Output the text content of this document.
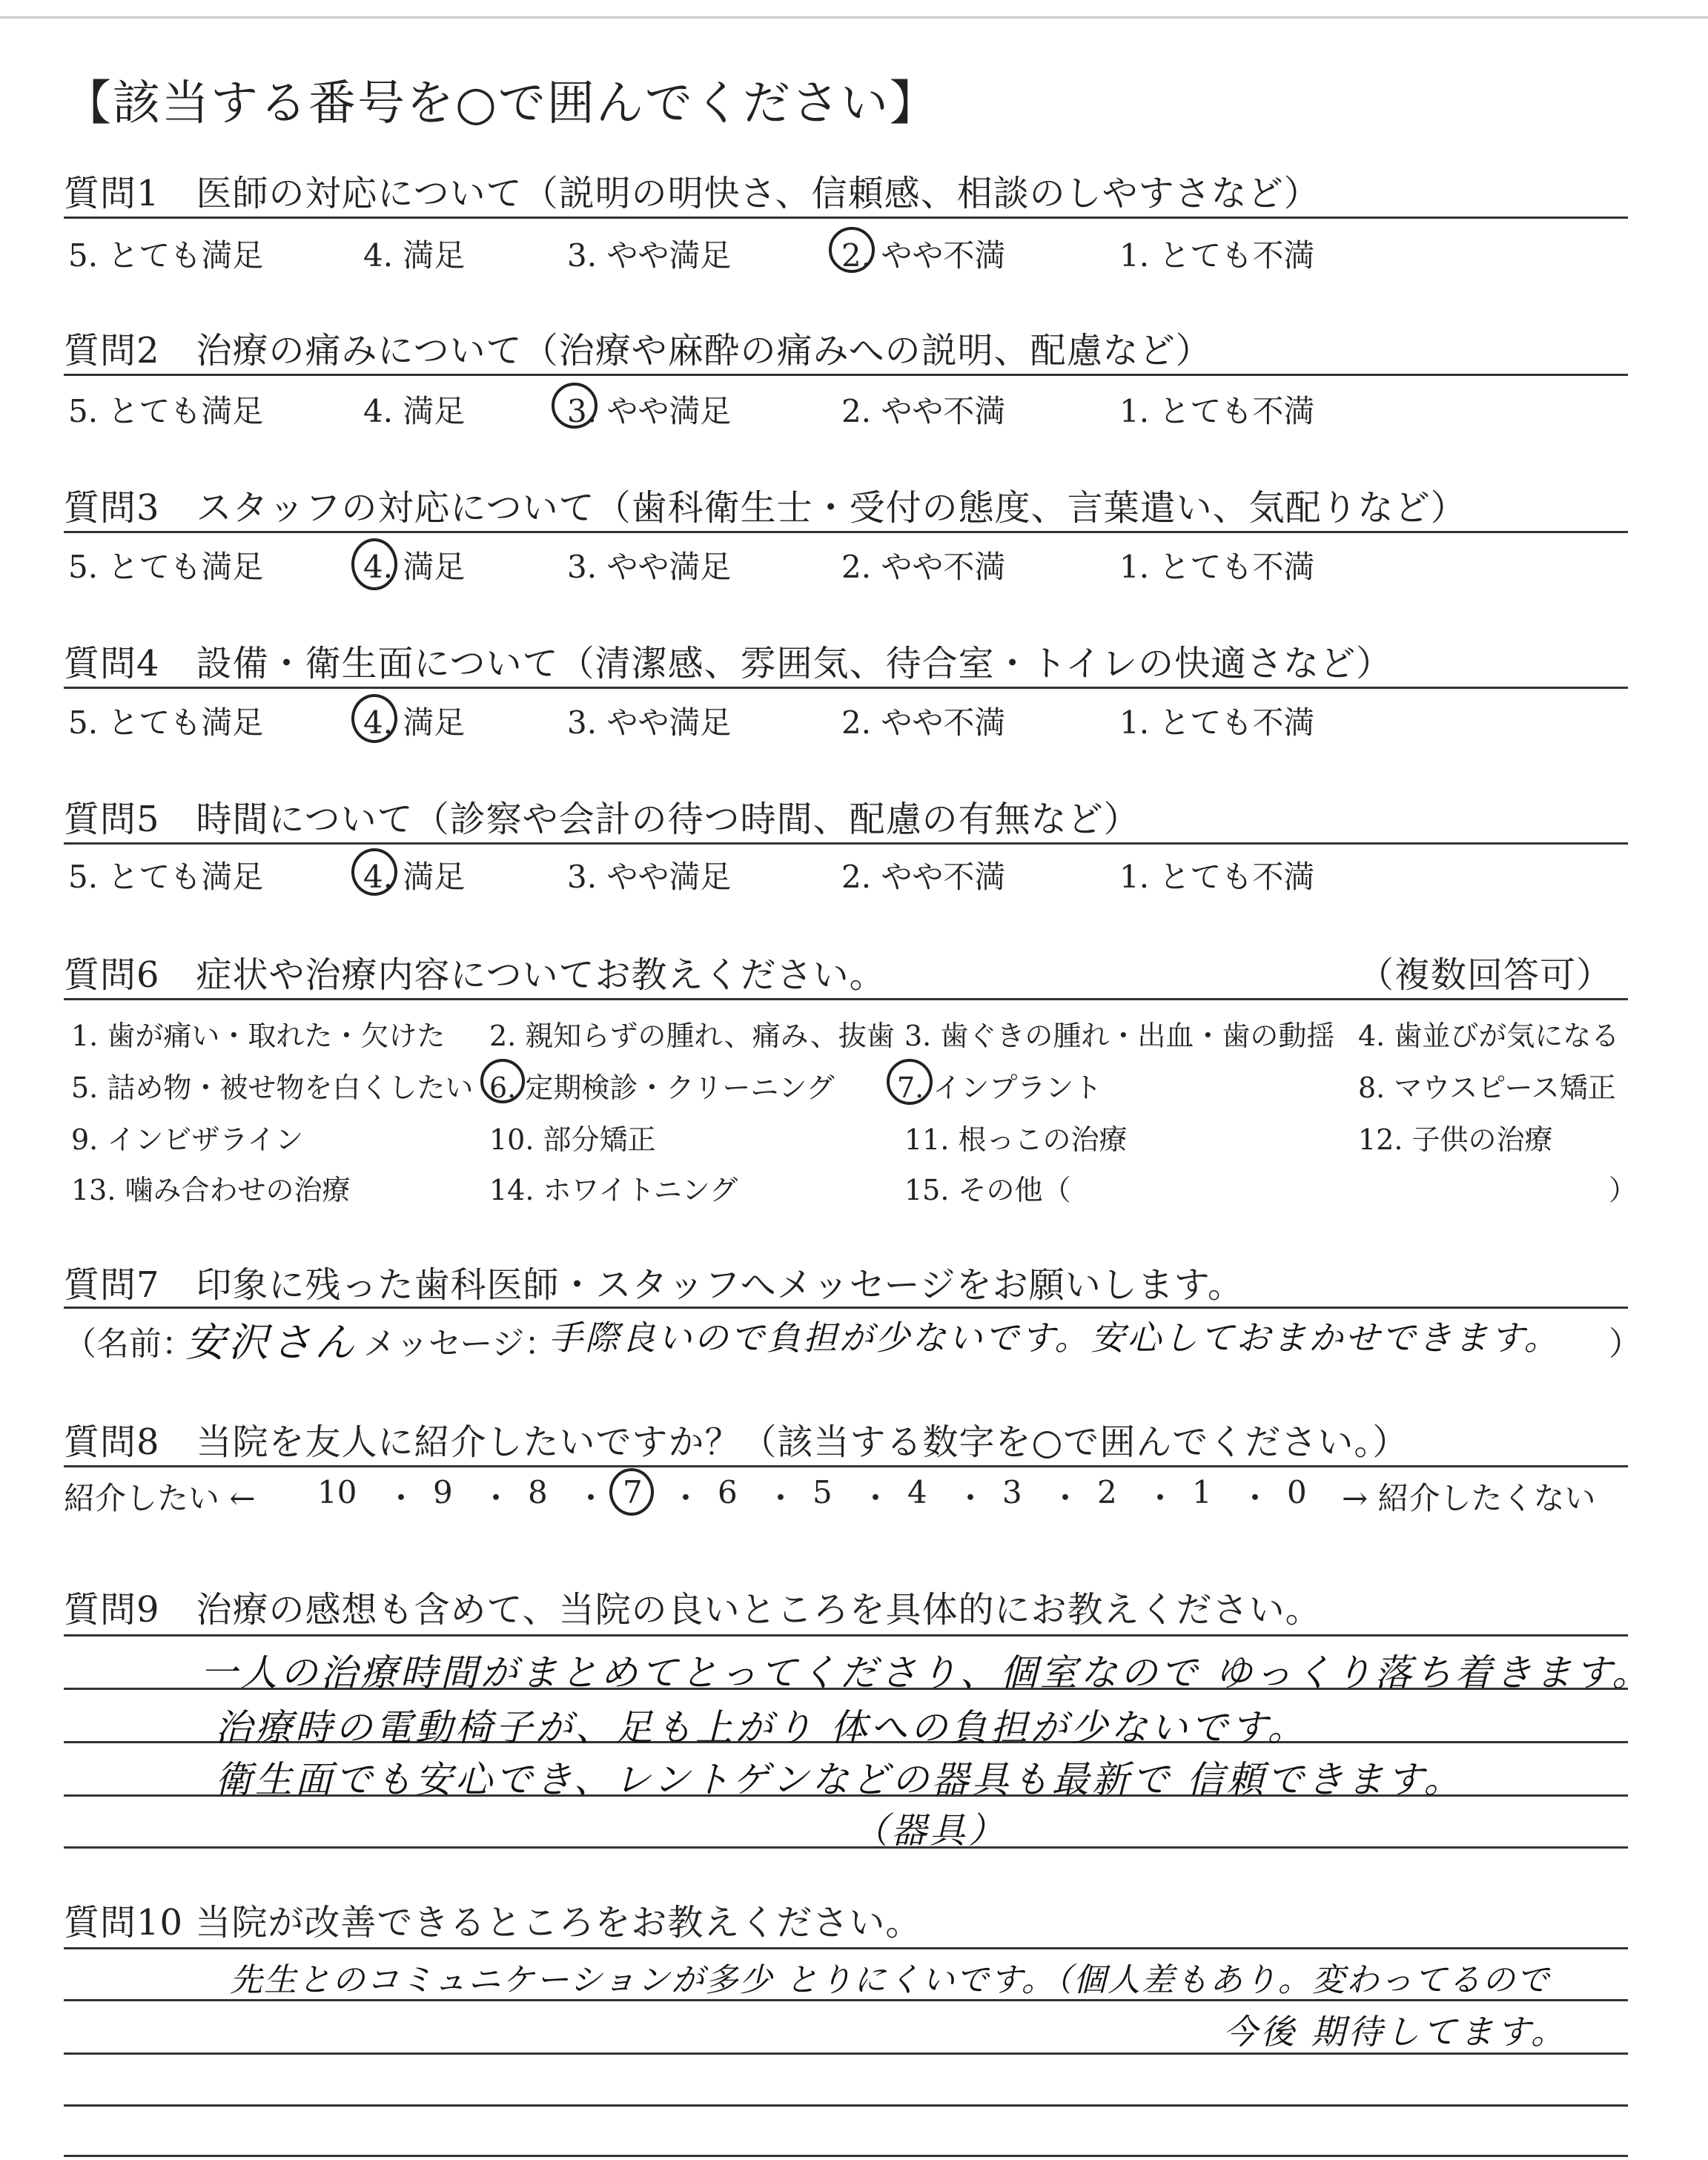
【該当する番号を○で囲んでください】
質問1　医師の対応について（説明の明快さ、信頼感、相談のしやすさなど）
5. とても満足	4. 満足	3. やや満足	2. やや不満	1. とても不満
質問2　治療の痛みについて（治療や麻酔の痛みへの説明、配慮など）
5. とても満足	4. 満足	3. やや満足	2. やや不満	1. とても不満
質問3　スタッフの対応について（歯科衛生士・受付の態度、言葉遣い、気配りなど）
5. とても満足	4. 満足	3. やや満足	2. やや不満	1. とても不満
質問4　設備・衛生面について（清潔感、雰囲気、待合室・トイレの快適さなど）
5. とても満足	4. 満足	3. やや満足	2. やや不満	1. とても不満
質問5　時間について（診察や会計の待つ時間、配慮の有無など）
5. とても満足	4. 満足	3. やや満足	2. やや不満	1. とても不満
質問6　症状や治療内容についてお教えください。	（複数回答可）
1. 歯が痛い・取れた・欠けた 2. 親知らずの腫れ、痛み、抜歯 3. 歯ぐきの腫れ・出血・歯の動揺 4. 歯並びが気になる
5. 詰め物・被せ物を白くしたい 6. 定期検診・クリーニング 7. インプラント	8. マウスピース矯正
9. インビザライン	10. 部分矯正	11. 根っこの治療	12. 子供の治療
13. 噛み合わせの治療	14. ホワイトニング	15. その他（	）
質問7　印象に残った歯科医師・スタッフへメッセージをお願いします。
（名前：
安沢さん メッセージ：
手際良いので負担が少ないです。安心しておまかせできます。 ）
質問8　当院を友人に紹介したいですか？（該当する数字を○で囲んでください。）
紹介したい ← 10 ・ 9 ・ 8 ・ 7 ・ 6 ・ 5 ・ 4 ・ 3 ・ 2 ・ 1 ・ 0 → 紹介したくない
質問9　治療の感想も含めて、当院の良いところを具体的にお教えください。
一人の治療時間がまとめてとってくださり、個室なので ゆっくり落ち着きます。
治療時の電動椅子が、足も上がり 体への負担が少ないです。
衛生面でも安心でき、レントゲンなどの器具も最新で 信頼できます。
（器具）
質問10 当院が改善できるところをお教えください。
先生とのコミュニケーションが多少 とりにくいです。（個人差もあり。変わってるので
今後 期待してます。
